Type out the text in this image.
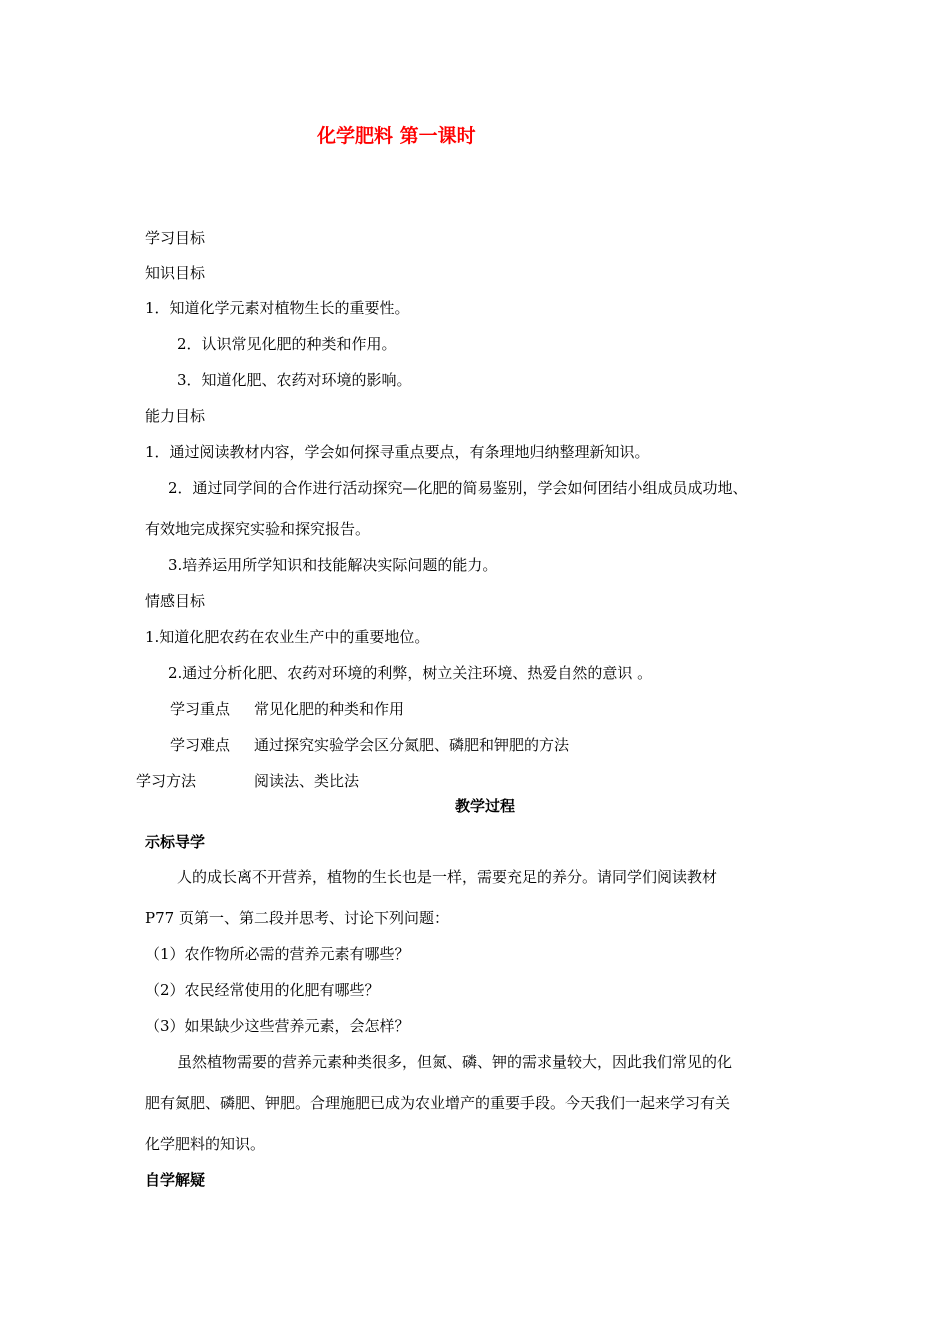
化学肥料 第一课时
学习目标
知识目标
1．知道化学元素对植物生长的重要性。
2．认识常见化肥的种类和作用。
3．知道化肥、农药对环境的影响。
能力目标
1．通过阅读教材内容，学会如何探寻重点要点，有条理地归纳整理新知识。
2．通过同学间的合作进行活动探究—化肥的简易鉴别，学会如何团结小组成员成功地、
有效地完成探究实验和探究报告。
3.培养运用所学知识和技能解决实际问题的能力。
情感目标
1.知道化肥农药在农业生产中的重要地位。
2.通过分析化肥、农药对环境的利弊，树立关注环境、热爱自然的意识 。
学习重点 常见化肥的种类和作用
学习难点 通过探究实验学会区分氮肥、磷肥和钾肥的方法
学习方法	阅读法、类比法
教学过程
示标导学
人的成长离不开营养，植物的生长也是一样，需要充足的养分。请同学们阅读教材
P77 页第一、第二段并思考、讨论下列问题：
（1）农作物所必需的营养元素有哪些？
（2）农民经常使用的化肥有哪些？
（3）如果缺少这些营养元素，会怎样？
虽然植物需要的营养元素种类很多，但氮、磷、钾的需求量较大，因此我们常见的化
肥有氮肥、磷肥、钾肥。合理施肥已成为农业增产的重要手段。今天我们一起来学习有关
化学肥料的知识。
自学解疑
